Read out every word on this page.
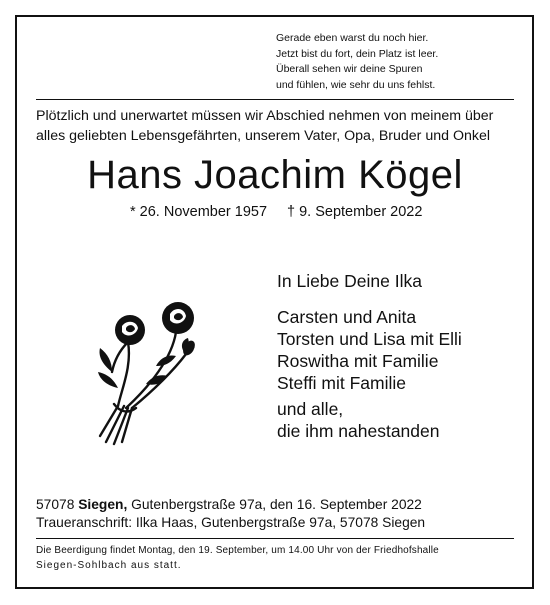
Gerade eben warst du noch hier.
Jetzt bist du fort, dein Platz ist leer.
Überall sehen wir deine Spuren
und fühlen, wie sehr du uns fehlst.
Plötzlich und unerwartet müssen wir Abschied nehmen von meinem über
alles geliebten Lebensgefährten, unserem Vater, Opa, Bruder und Onkel
Hans Joachim Kögel
* 26. November 1957 † 9. September 2022
In Liebe Deine Ilka
Carsten und Anita
Torsten und Lisa mit Elli
Roswitha mit Familie
Steffi mit Familie
und alle,
die ihm nahestanden
57078 Siegen, Gutenbergstraße 97a, den 16. September 2022
Traueranschrift: Ilka Haas, Gutenbergstraße 97a, 57078 Siegen
Die Beerdigung findet Montag, den 19. September, um 14.00 Uhr von der Friedhofshalle
Siegen-Sohlbach aus statt.
